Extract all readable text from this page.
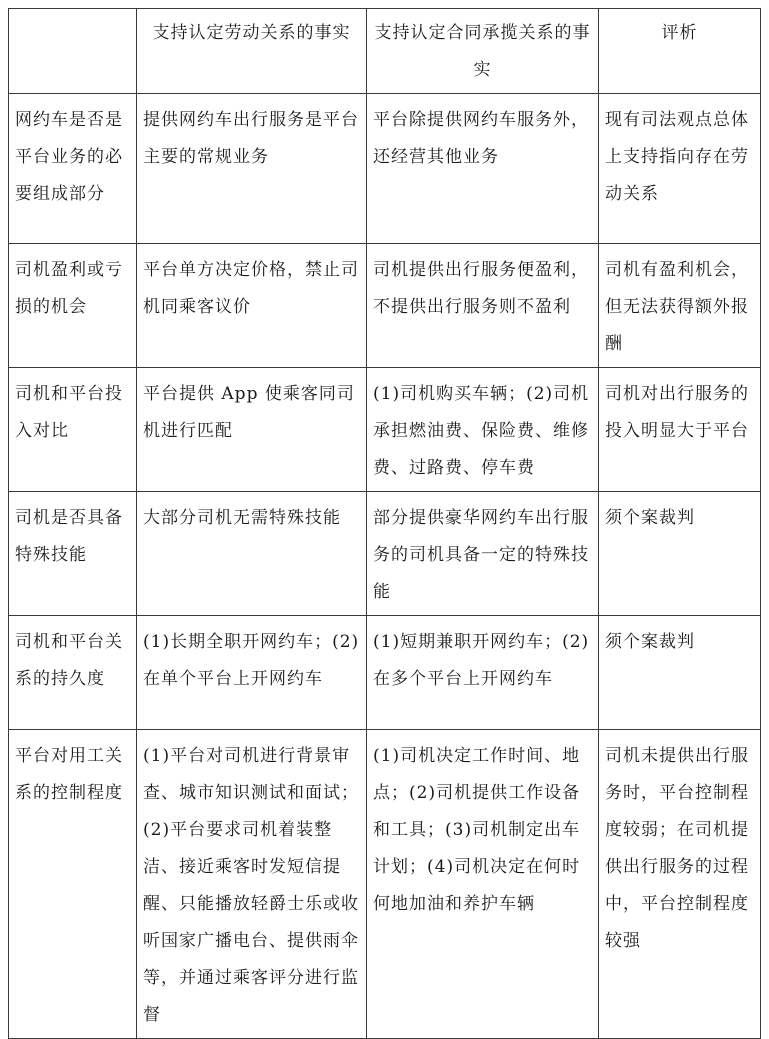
	支持认定劳动关系的事实	支持认定合同承揽关系的事实	评析
网约车是否是平台业务的必要组成部分	提供网约车出行服务是平台主要的常规业务	平台除提供网约车服务外，还经营其他业务	现有司法观点总体上支持指向存在劳动关系
司机盈利或亏损的机会	平台单方决定价格，禁止司机同乘客议价	司机提供出行服务便盈利，不提供出行服务则不盈利	司机有盈利机会，但无法获得额外报酬
司机和平台投入对比	平台提供 App 使乘客同司机进行匹配	(1)司机购买车辆；(2)司机承担燃油费、保险费、维修费、过路费、停车费	司机对出行服务的投入明显大于平台
司机是否具备特殊技能	大部分司机无需特殊技能	部分提供豪华网约车出行服务的司机具备一定的特殊技能	须个案裁判
司机和平台关系的持久度	(1)长期全职开网约车；(2)在单个平台上开网约车	(1)短期兼职开网约车；(2)在多个平台上开网约车	须个案裁判
平台对用工关系的控制程度	(1)平台对司机进行背景审查、城市知识测试和面试；(2)平台要求司机着装整洁、接近乘客时发短信提醒、只能播放轻爵士乐或收听国家广播电台、提供雨伞等，并通过乘客评分进行监督	(1)司机决定工作时间、地点；(2)司机提供工作设备和工具；(3)司机制定出车计划；(4)司机决定在何时何地加油和养护车辆	司机未提供出行服务时，平台控制程度较弱；在司机提供出行服务的过程中，平台控制程度较强
